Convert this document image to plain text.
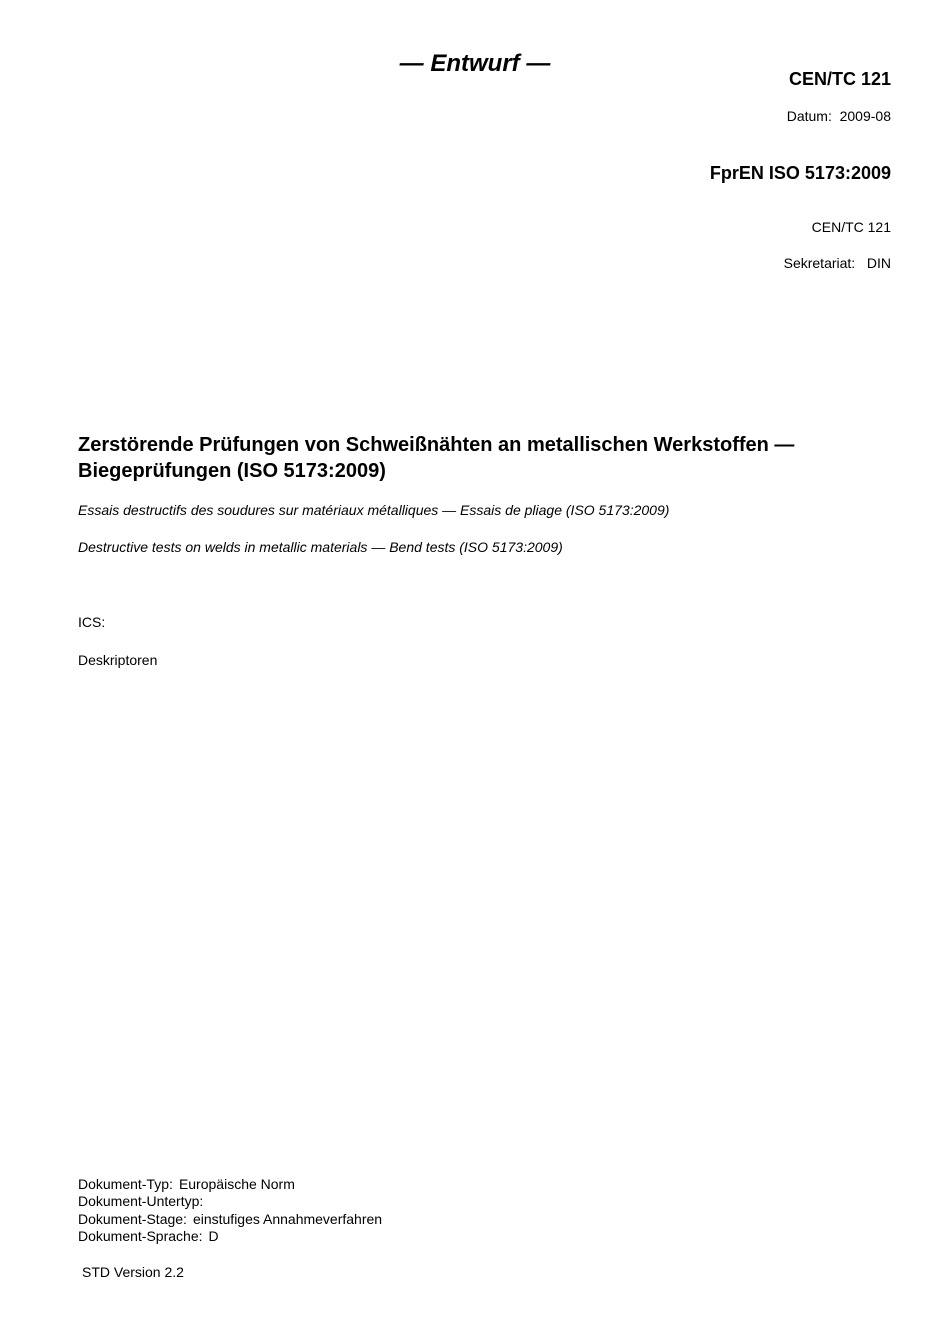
— Entwurf —
CEN/TC 121
Datum: 2009-08
FprEN ISO 5173:2009
CEN/TC 121
Sekretariat: DIN
Zerstörende Prüfungen von Schweißnähten an metallischen Werkstoffen — Biegeprüfungen (ISO 5173:2009)
Essais destructifs des soudures sur matériaux métalliques — Essais de pliage (ISO 5173:2009)
Destructive tests on welds in metallic materials — Bend tests (ISO 5173:2009)
ICS:
Deskriptoren
Dokument-Typ: Europäische Norm
Dokument-Untertyp:
Dokument-Stage: einstufiges Annahmeverfahren
Dokument-Sprache: D
STD Version 2.2
